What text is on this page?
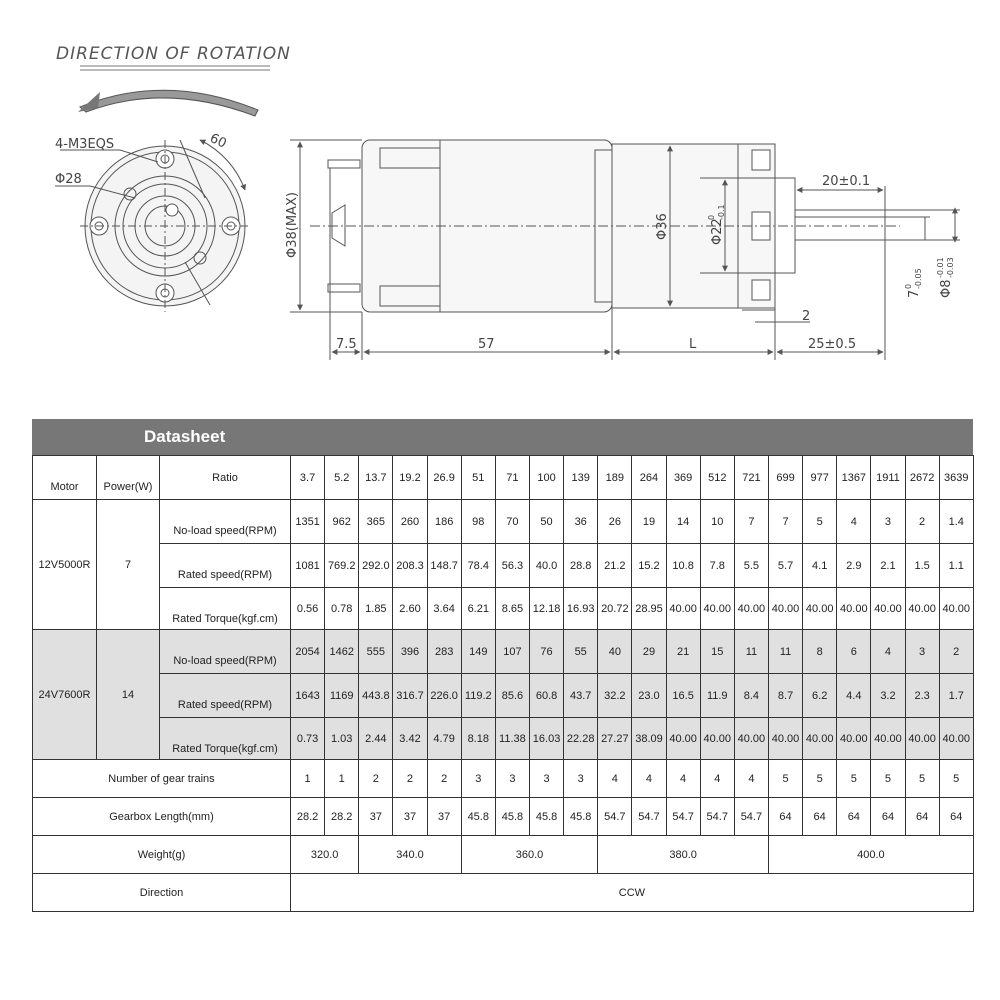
DIRECTION OF ROTATION
60
4-M3EQS
Φ28
Φ38(MAX)	Φ36	Φ22
0 -0.1
20±0.1
Φ8
-0.01 -0.03
7
0 -0.05
2
7.5	57	L	25±0.5
Datasheet
Motor	Power(W)	Ratio	3.7	5.2	13.7	19.2	26.9	51	71	100	139	189	264	369	512	721	699	977	1367	1911	2672	3639
12V5000R	7	No-load speed(RPM)	1351	962	365	260	186	98	70	50	36	26	19	14	10	7	7	5	4	3	2	1.4
		Rated speed(RPM)	1081	769.2	292.0	208.3	148.7	78.4	56.3	40.0	28.8	21.2	15.2	10.8	7.8	5.5	5.7	4.1	2.9	2.1	1.5	1.1
		Rated Torque(kgf.cm)	0.56	0.78	1.85	2.60	3.64	6.21	8.65	12.18	16.93	20.72	28.95	40.00	40.00	40.00	40.00	40.00	40.00	40.00	40.00	40.00
24V7600R	14	No-load speed(RPM)	2054	1462	555	396	283	149	107	76	55	40	29	21	15	11	11	8	6	4	3	2
		Rated speed(RPM)	1643	1169	443.8	316.7	226.0	119.2	85.6	60.8	43.7	32.2	23.0	16.5	11.9	8.4	8.7	6.2	4.4	3.2	2.3	1.7
		Rated Torque(kgf.cm)	0.73	1.03	2.44	3.42	4.79	8.18	11.38	16.03	22.28	27.27	38.09	40.00	40.00	40.00	40.00	40.00	40.00	40.00	40.00	40.00
Number of gear trains			1	1	2	2	2	3	3	3	3	4	4	4	4	4	5	5	5	5	5	5
Gearbox Length(mm)			28.2	28.2	37	37	37	45.8	45.8	45.8	45.8	54.7	54.7	54.7	54.7	54.7	64	64	64	64	64	64
Weight(g)			320.0		340.0			360.0				380.0					400.0					
Direction			CCW																			
